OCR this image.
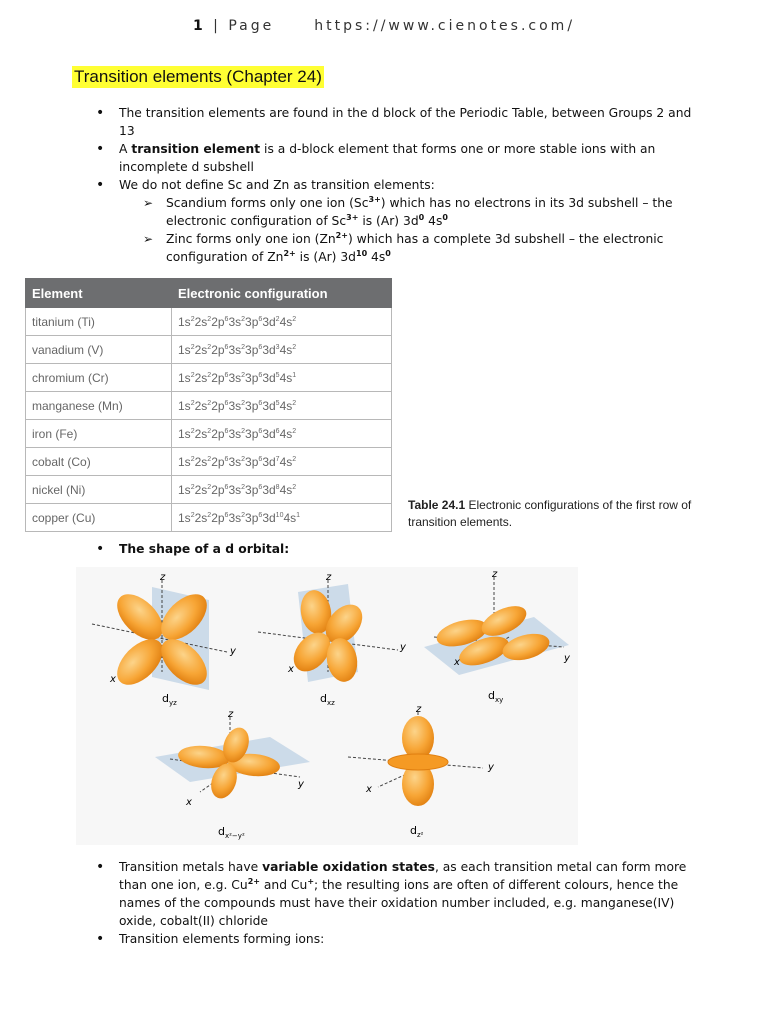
1 | Page	https://www.cienotes.com/
Transition elements (Chapter 24)
• The transition elements are found in the d block of the Periodic Table, between Groups 2 and 13
• A transition element is a d-block element that forms one or more stable ions with an incomplete d subshell
• We do not define Sc and Zn as transition elements:
➢ Scandium forms only one ion $(Sc^{3+})$ which has no electrons in its 3d subshell – the electronic configuration of $Sc^{3+}$ is (Ar) $3d^0$ $4s^0$
➢ Zinc forms only one ion $(Zn^{2+})$ which has a complete 3d subshell – the electronic configuration of $Zn^{2+}$ is (Ar) $3d^{10}$ $4s^0$
Element	Electronic configuration
titanium (Ti)	$1s^22s^22p^63s^23p^63d^24s^2$
vanadium (V)	$1s^22s^22p^63s^23p^63d^34s^2$
chromium (Cr)	$1s^22s^22p^63s^23p^63d^54s^1$
manganese (Mn)	$1s^22s^22p^63s^23p^63d^54s^2$
iron (Fe)	$1s^22s^22p^63s^23p^63d^64s^2$
cobalt (Co)	$1s^22s^22p^63s^23p^63d^74s^2$
nickel (Ni)	$1s^22s^22p^63s^23p^63d^84s^2$
copper (Cu)	$1s^22s^22p^63s^23p^63d^{10}4s^1$
Table 24.1 Electronic configurations of the first row of transition elements.
• The shape of a d orbital:
z
y
x
$d_{yz}$
z
y
x
$d_{xz}$
z
y
x
$d_{xy}$
z
y
x
$d_{x^2-y^2}$
z
y
x
$d_{z^2}$
• Transition metals have variable oxidation states, as each transition metal can form more than one ion, e.g. $Cu^{2+}$ and Cu+; the resulting ions are often of different colours, hence the names of the compounds must have their oxidation number included, e.g. manganese(IV) oxide, cobalt(II) chloride
• Transition elements forming ions:
